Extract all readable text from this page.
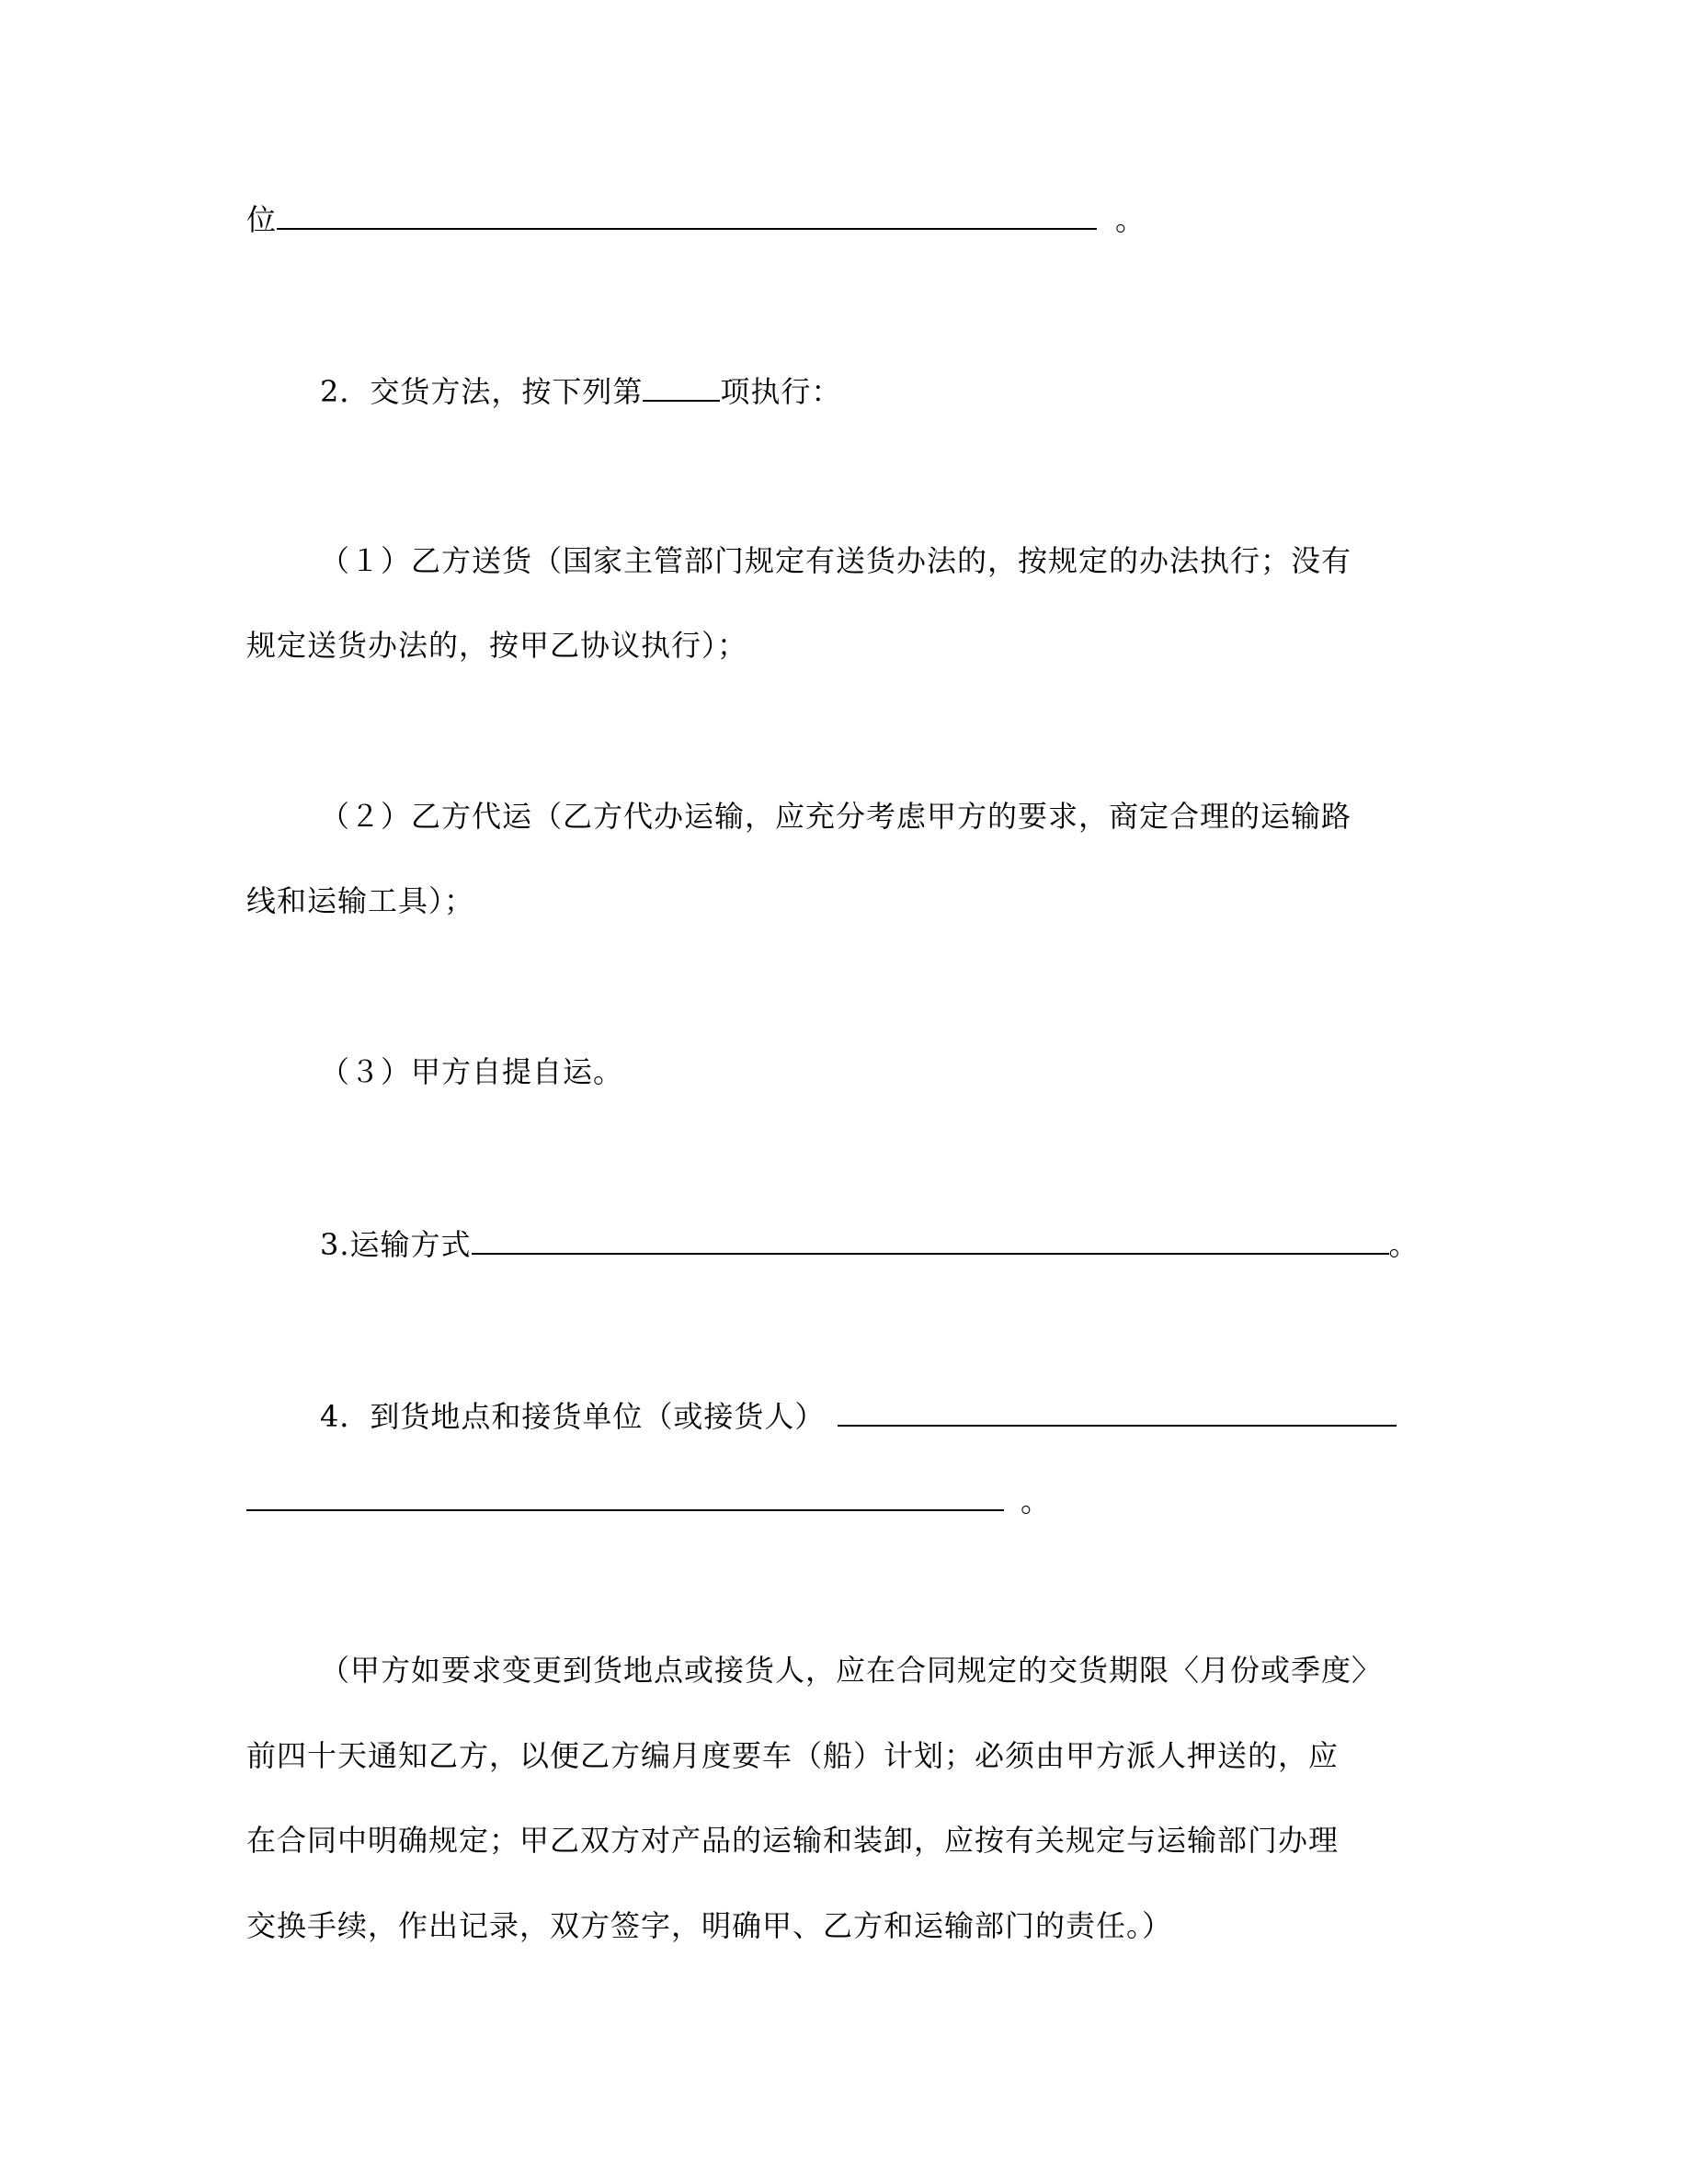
位	。
2．交货方法，按下列第	项执行：
（１）乙方送货（国家主管部门规定有送货办法的，按规定的办法执行；没有
规定送货办法的，按甲乙协议执行）；
（２）乙方代运（乙方代办运输，应充分考虑甲方的要求，商定合理的运输路
线和运输工具）；
（３）甲方自提自运。
3.运输方式	。
4．到货地点和接货单位（或接货人）
。
（甲方如要求变更到货地点或接货人，应在合同规定的交货期限〈月份或季度〉
前四十天通知乙方，以便乙方编月度要车（船）计划；必须由甲方派人押送的，应
在合同中明确规定；甲乙双方对产品的运输和装卸，应按有关规定与运输部门办理
交换手续，作出记录，双方签字，明确甲、乙方和运输部门的责任。）
